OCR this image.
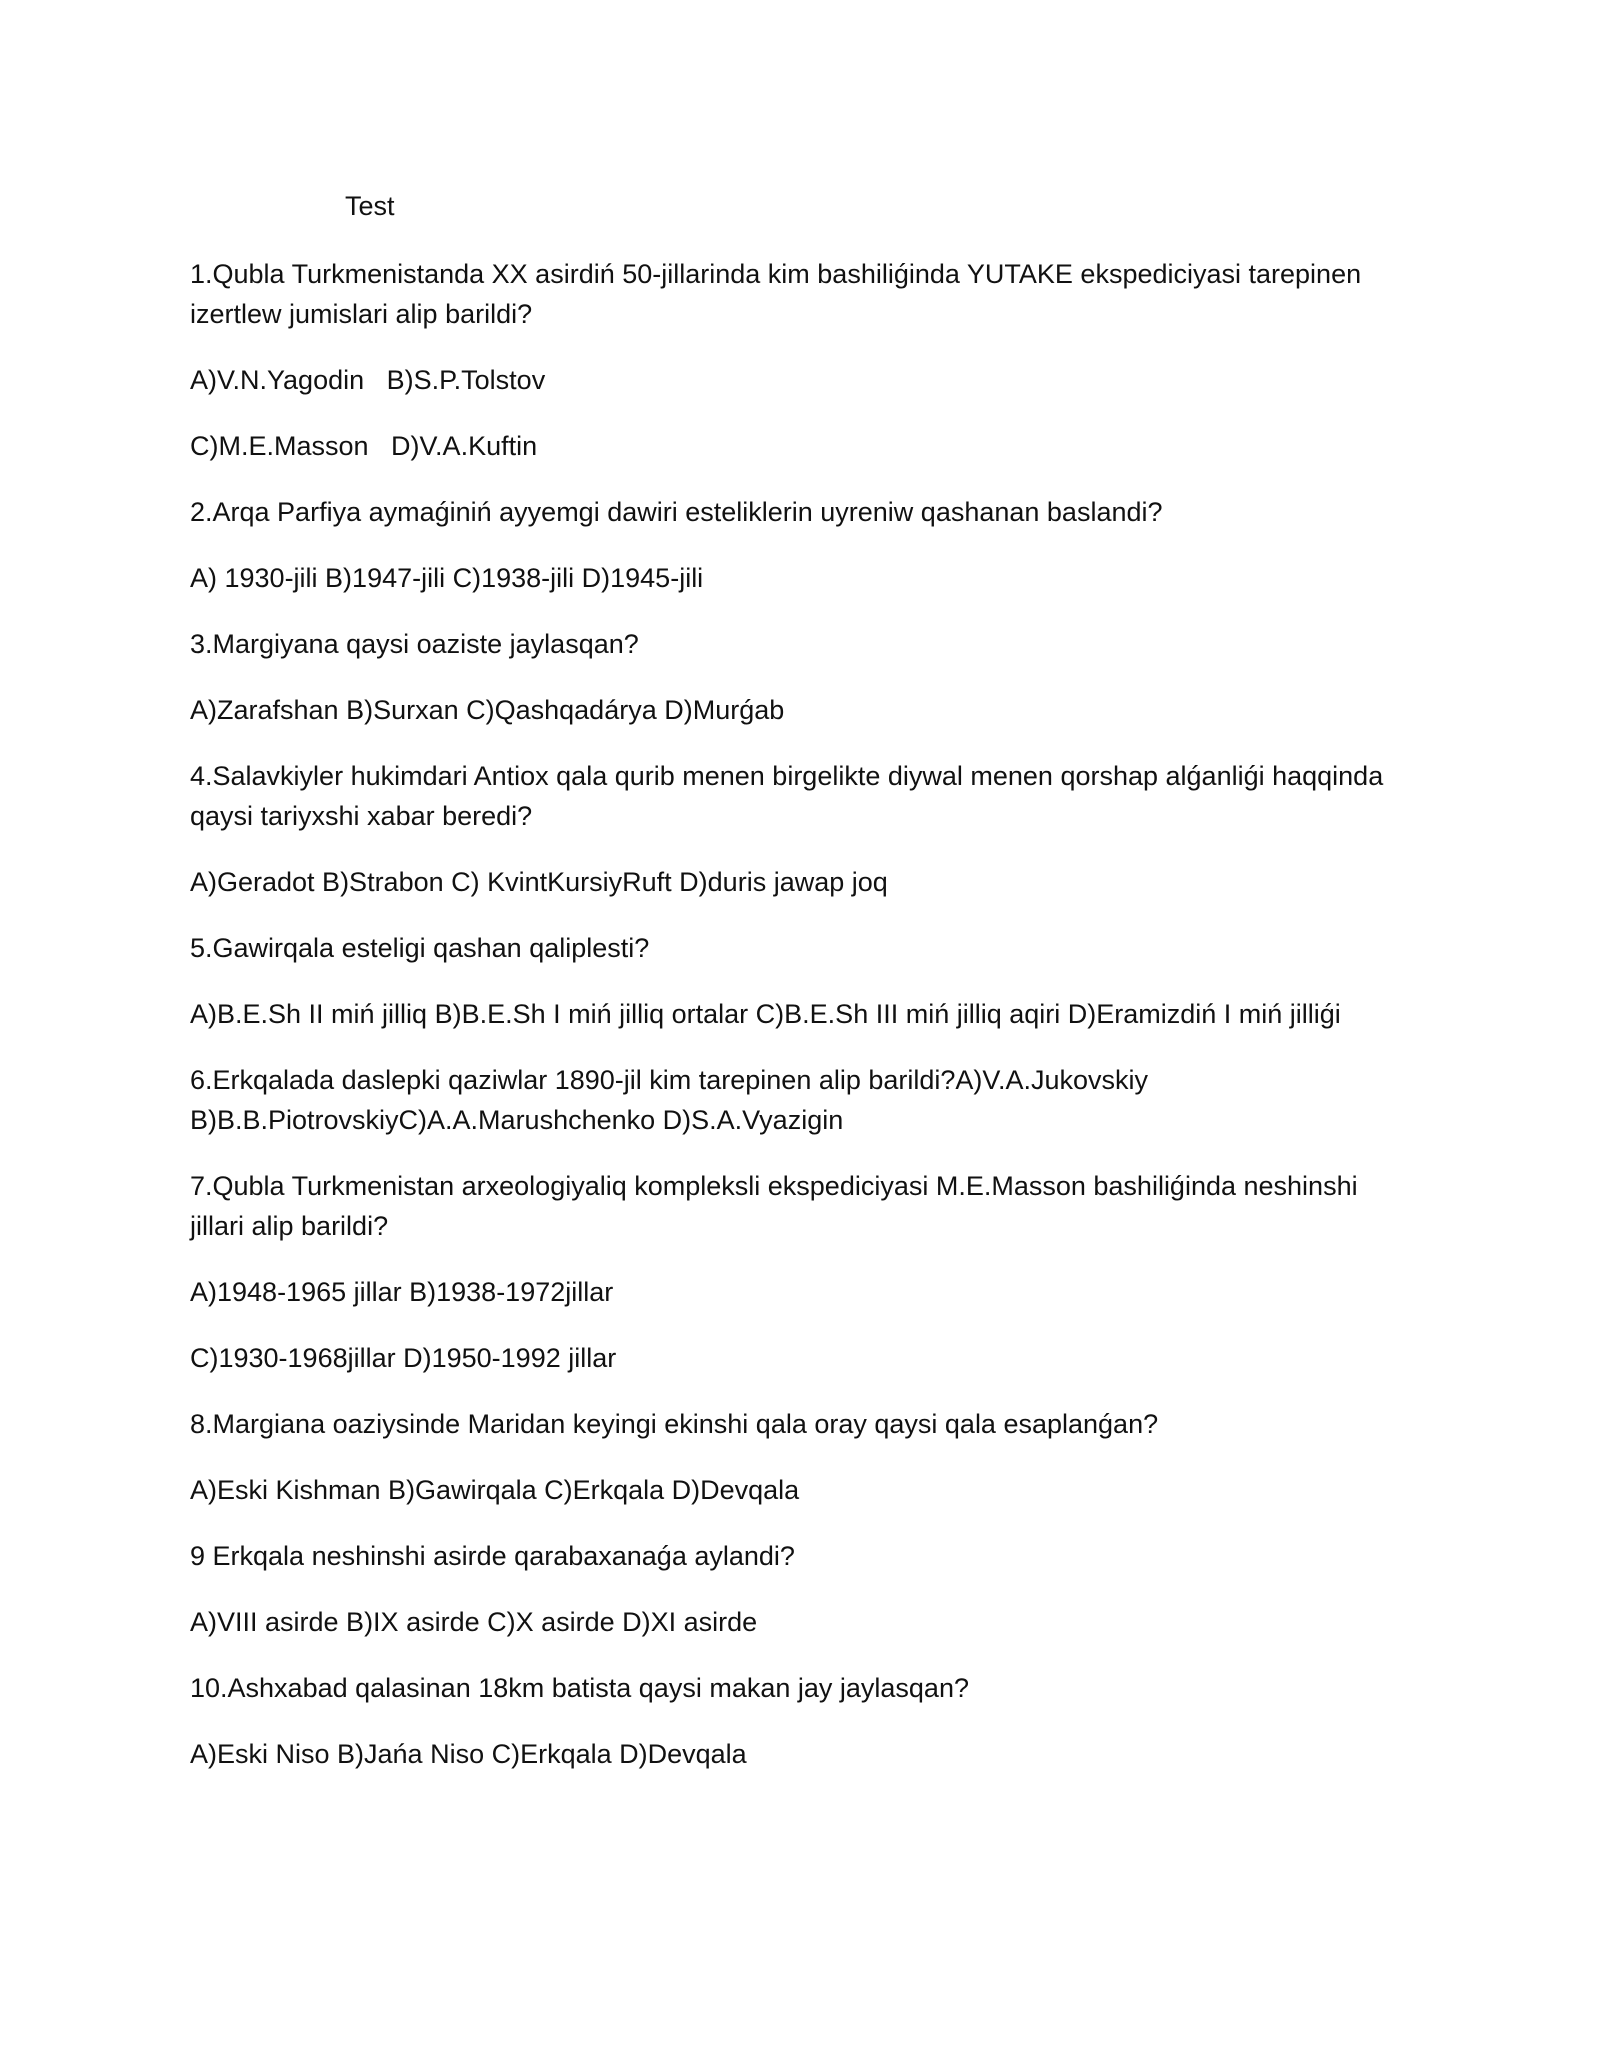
Test

1.Qubla Turkmenistanda XX asirdiń 50-jillarinda kim bashiliǵinda YUTAKE ekspediciyasi tarepinen izertlew jumislari alip barildi?

A)V.N.Yagodin   B)S.P.Tolstov

C)M.E.Masson   D)V.A.Kuftin

2.Arqa Parfiya aymaǵiniń ayyemgi dawiri esteliklerin uyreniw qashanan baslandi?

A) 1930-jili B)1947-jili C)1938-jili D)1945-jili

3.Margiyana qaysi oaziste jaylasqan?

A)Zarafshan B)Surxan C)Qashqadárya D)Murǵab

4.Salavkiyler hukimdari Antiox qala qurib menen birgelikte diywal menen qorshap alǵanliǵi haqqinda qaysi tariyxshi xabar beredi?

A)Geradot B)Strabon C) KvintKursiyRuft D)duris jawap joq

5.Gawirqala esteligi qashan qaliplesti?

A)B.E.Sh II miń jilliq B)B.E.Sh I miń jilliq ortalar C)B.E.Sh III miń jilliq aqiri D)Eramizdiń I miń jilliǵi

6.Erkqalada daslepki qaziwlar 1890-jil kim tarepinen alip barildi?A)V.A.Jukovskiy B)B.B.PiotrovskiyC)A.A.Marushchenko D)S.A.Vyazigin

7.Qubla Turkmenistan arxeologiyaliq kompleksli ekspediciyasi M.E.Masson bashiliǵinda neshinshi jillari alip barildi?

A)1948-1965 jillar B)1938-1972jillar

C)1930-1968jillar D)1950-1992 jillar

8.Margiana oaziysinde Maridan keyingi ekinshi qala oray qaysi qala esaplanǵan?

A)Eski Kishman B)Gawirqala C)Erkqala D)Devqala

9 Erkqala neshinshi asirde qarabaxanaǵa aylandi?

A)VIII asirde B)IX asirde C)X asirde D)XI asirde

10.Ashxabad qalasinan 18km batista qaysi makan jay jaylasqan?

A)Eski Niso B)Jańa Niso C)Erkqala D)Devqala
